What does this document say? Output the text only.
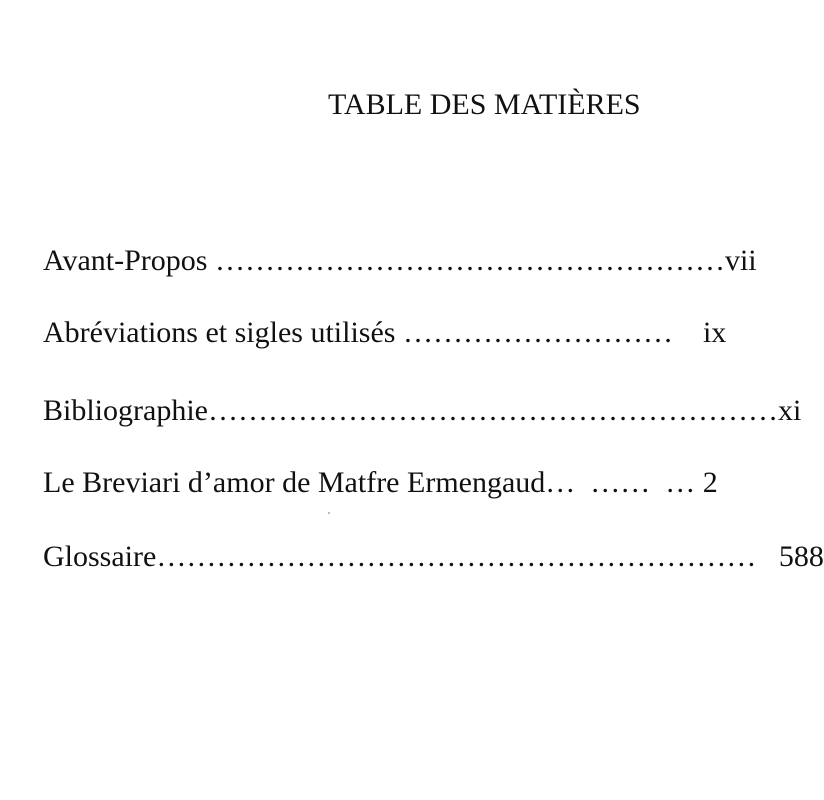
TABLE DES MATIÈRES
Avant-Propos ……………………………………………vii
Abréviations et sigles utilisés ……………………… ix
Bibliographie…………………………………………………xi
Le Breviari d’amor de Matfre Ermengaud…  ……  … 2
Glossaire…………………………………………………… 588
